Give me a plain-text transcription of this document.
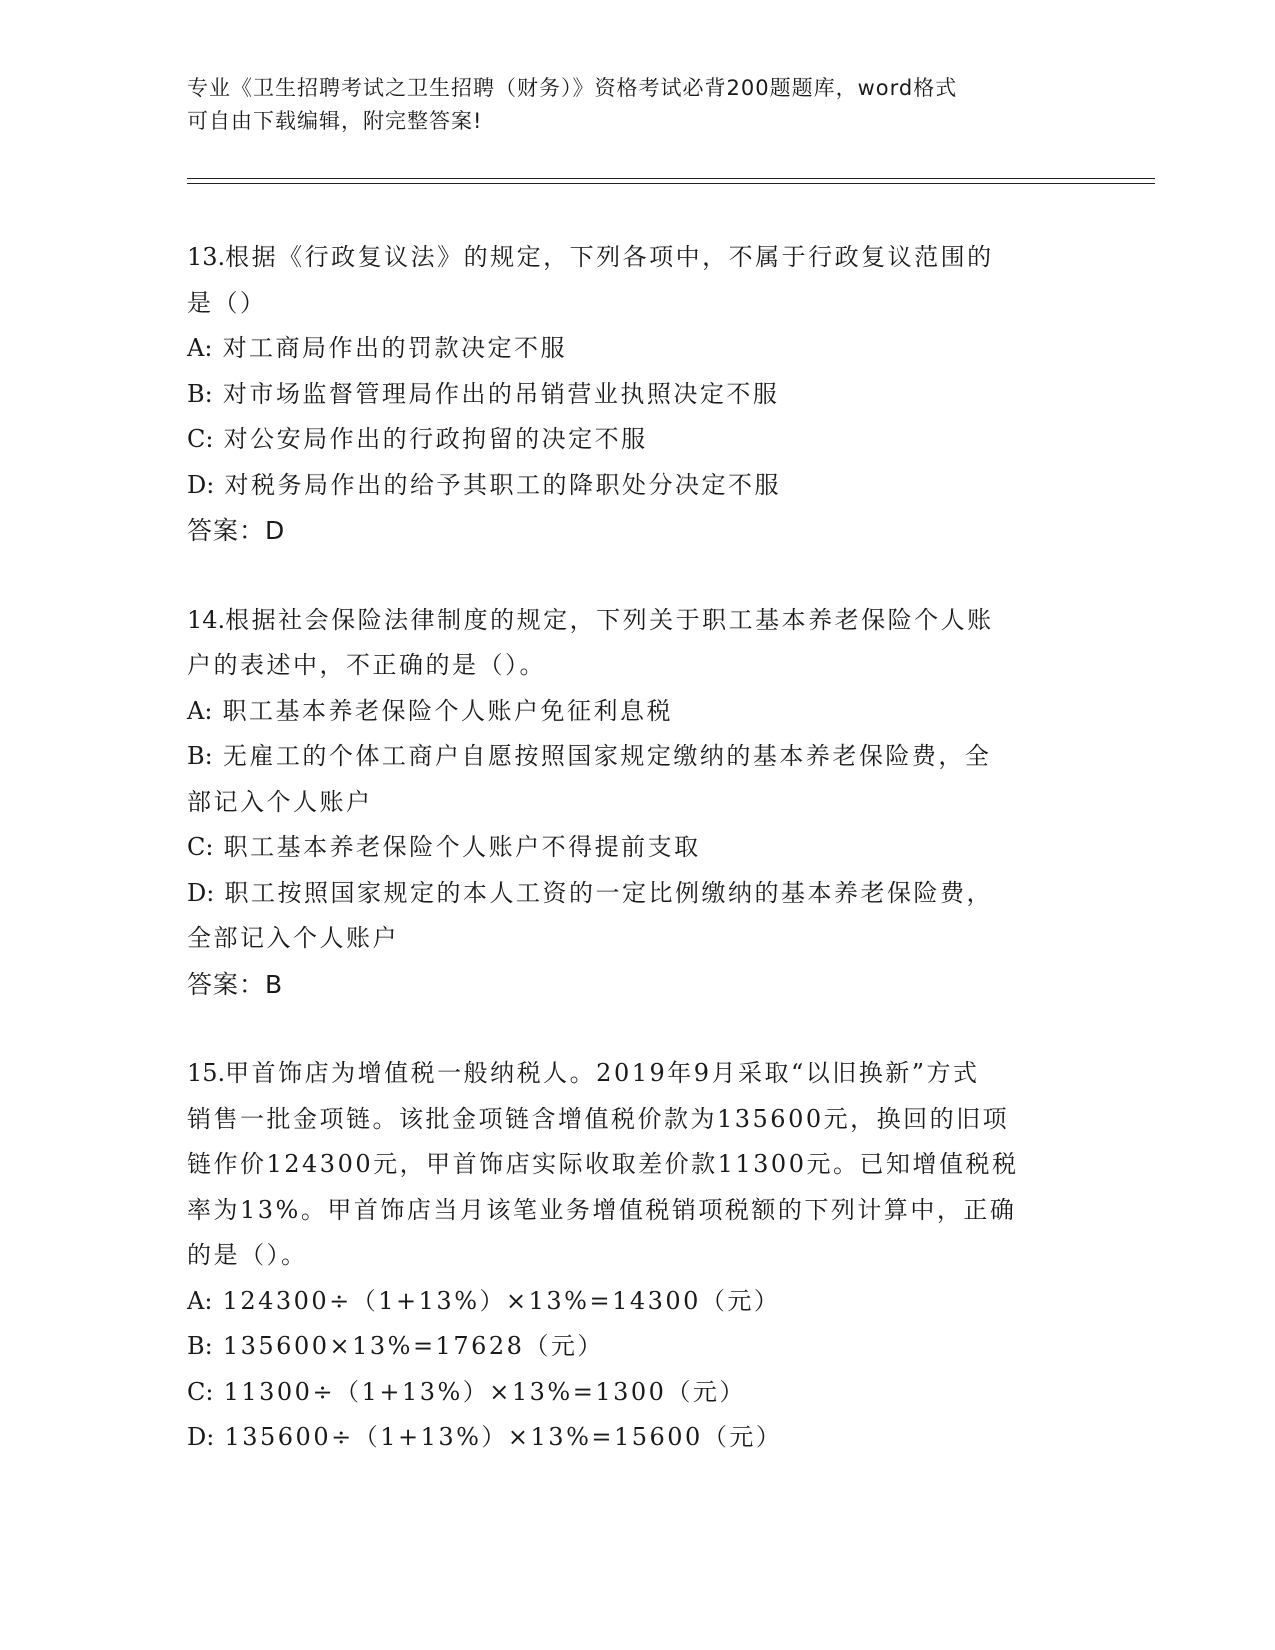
专业《卫生招聘考试之卫生招聘（财务）》资格考试必背200题题库，word格式
可自由下载编辑，附完整答案!

13.根据《行政复议法》的规定，下列各项中，不属于行政复议范围的

是（）

A: 对工商局作出的罚款决定不服

B: 对市场监督管理局作出的吊销营业执照决定不服

C: 对公安局作出的行政拘留的决定不服

D: 对税务局作出的给予其职工的降职处分决定不服

答案：D

14.根据社会保险法律制度的规定，下列关于职工基本养老保险个人账

户的表述中，不正确的是（）。

A: 职工基本养老保险个人账户免征利息税

B: 无雇工的个体工商户自愿按照国家规定缴纳的基本养老保险费，全

部记入个人账户

C: 职工基本养老保险个人账户不得提前支取

D: 职工按照国家规定的本人工资的一定比例缴纳的基本养老保险费，

全部记入个人账户

答案：B

15.甲首饰店为增值税一般纳税人。2019年9月采取“以旧换新”方式

销售一批金项链。该批金项链含增值税价款为135600元，换回的旧项

链作价124300元，甲首饰店实际收取差价款11300元。已知增值税税

率为13%。甲首饰店当月该笔业务增值税销项税额的下列计算中，正确

的是（）。

A: 124300÷（1+13%）×13%=14300（元）

B: 135600×13%=17628（元）

C: 11300÷（1+13%）×13%=1300（元）

D: 135600÷（1+13%）×13%=15600（元）
